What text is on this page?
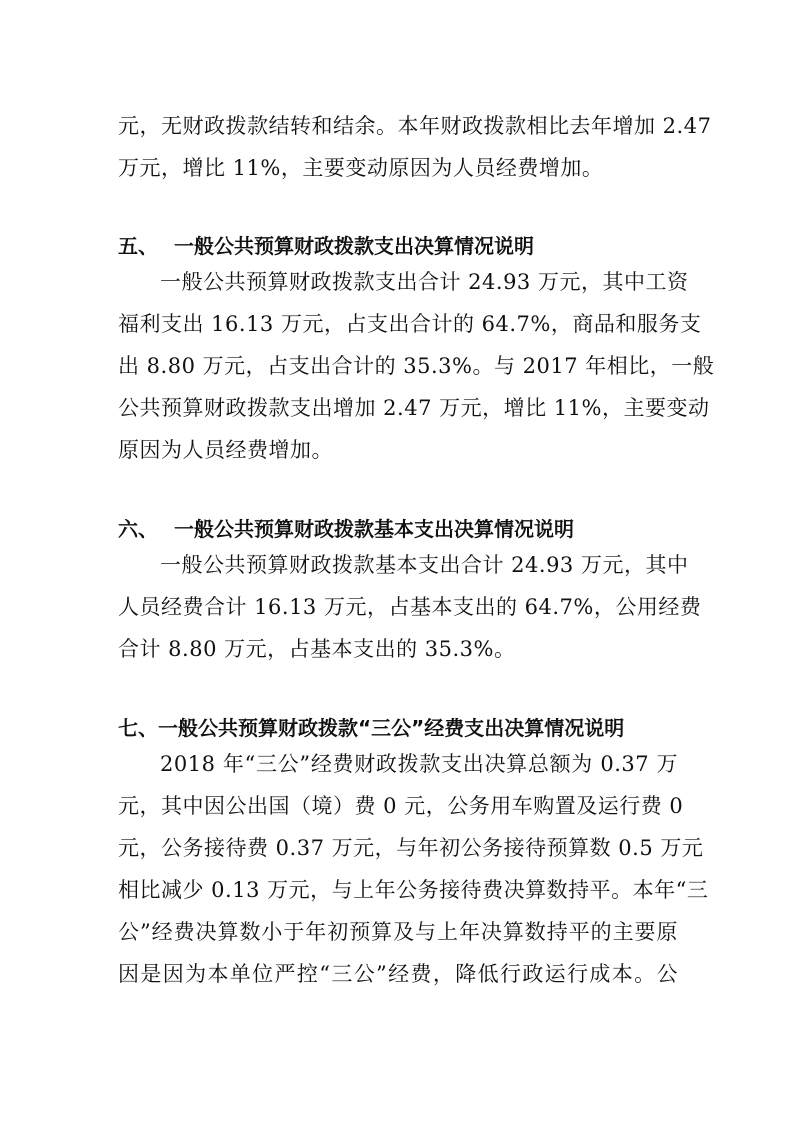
元，无财政拨款结转和结余。本年财政拨款相比去年增加 2.47
万元，增比 11%，主要变动原因为人员经费增加。
五、 一般公共预算财政拨款支出决算情况说明
一般公共预算财政拨款支出合计 24.93 万元，其中工资
福利支出 16.13 万元，占支出合计的 64.7%，商品和服务支
出 8.80 万元，占支出合计的 35.3%。与 2017 年相比，一般
公共预算财政拨款支出增加 2.47 万元，增比 11%，主要变动
原因为人员经费增加。
六、 一般公共预算财政拨款基本支出决算情况说明
一般公共预算财政拨款基本支出合计 24.93 万元，其中
人员经费合计 16.13 万元，占基本支出的 64.7%，公用经费
合计 8.80 万元，占基本支出的 35.3%。
七、一般公共预算财政拨款“三公”经费支出决算情况说明
2018 年“三公”经费财政拨款支出决算总额为 0.37 万
元，其中因公出国（境）费 0 元，公务用车购置及运行费 0
元，公务接待费 0.37 万元，与年初公务接待预算数 0.5 万元
相比减少 0.13 万元，与上年公务接待费决算数持平。本年“三
公”经费决算数小于年初预算及与上年决算数持平的主要原
因是因为本单位严控“三公”经费，降低行政运行成本。公
